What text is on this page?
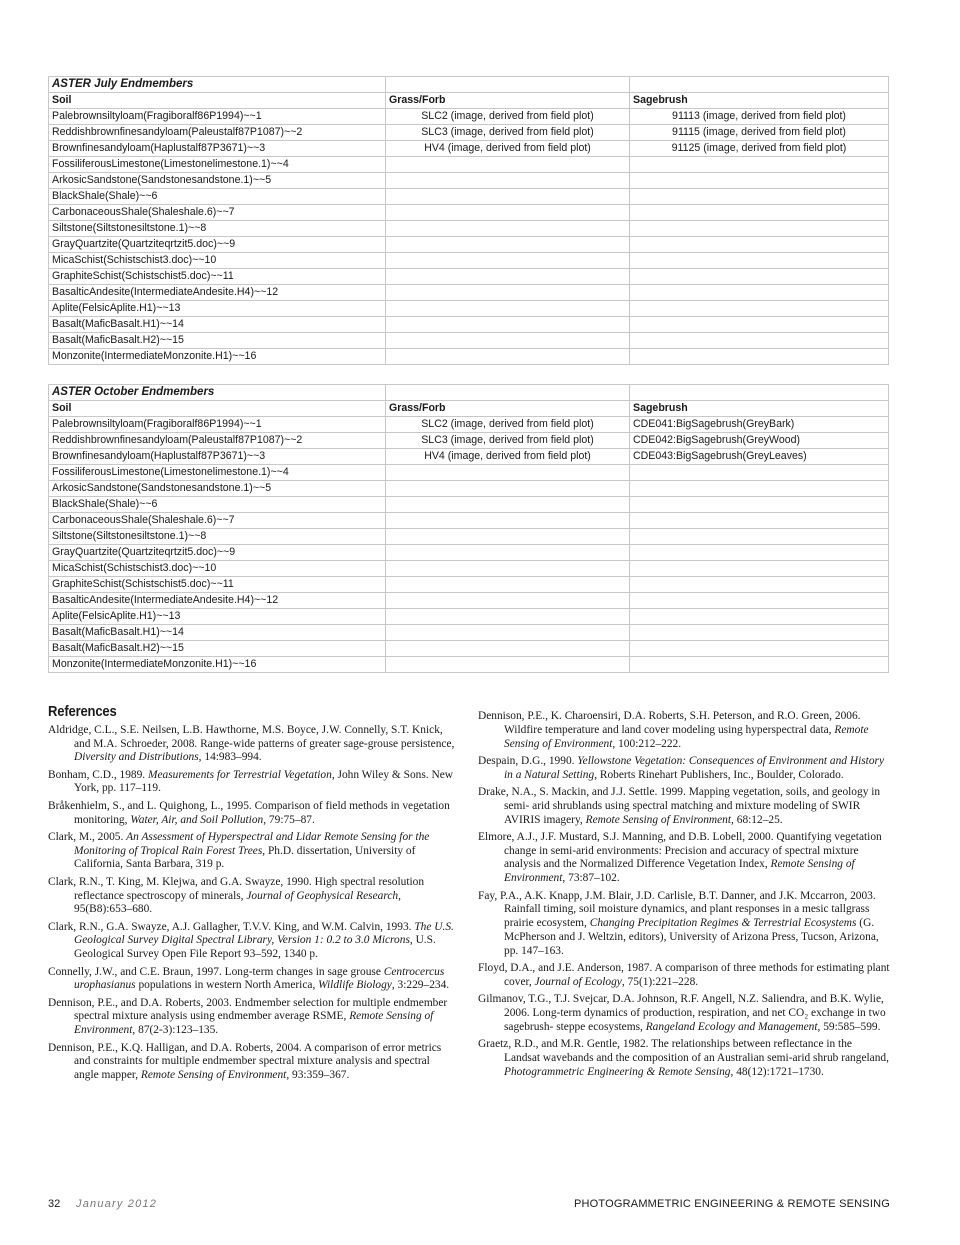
ASTER July Endmembers		
Soil	Grass/Forb	Sagebrush
Palebrownsiltyloam(Fragiboralf86P1994)~~1	SLC2 (image, derived from field plot)	91113 (image, derived from field plot)
Reddishbrownfinesandyloam(Paleustalf87P1087)~~2	SLC3 (image, derived from field plot)	91115 (image, derived from field plot)
Brownfinesandyloam(Haplustalf87P3671)~~3	HV4 (image, derived from field plot)	91125 (image, derived from field plot)
FossiliferousLimestone(Limestonelimestone.1)~~4		
ArkosicSandstone(Sandstonesandstone.1)~~5		
BlackShale(Shale)~~6		
CarbonaceousShale(Shaleshale.6)~~7		
Siltstone(Siltstonesiltstone.1)~~8		
GrayQuartzite(Quartziteqrtzit5.doc)~~9		
MicaSchist(Schistschist3.doc)~~10		
GraphiteSchist(Schistschist5.doc)~~11		
BasalticAndesite(IntermediateAndesite.H4)~~12		
Aplite(FelsicAplite.H1)~~13		
Basalt(MaficBasalt.H1)~~14		
Basalt(MaficBasalt.H2)~~15		
Monzonite(IntermediateMonzonite.H1)~~16		
ASTER October Endmembers		
Soil	Grass/Forb	Sagebrush
Palebrownsiltyloam(Fragiboralf86P1994)~~1	SLC2 (image, derived from field plot)	CDE041:BigSagebrush(GreyBark)
Reddishbrownfinesandyloam(Paleustalf87P1087)~~2	SLC3 (image, derived from field plot)	CDE042:BigSagebrush(GreyWood)
Brownfinesandyloam(Haplustalf87P3671)~~3	HV4 (image, derived from field plot)	CDE043:BigSagebrush(GreyLeaves)
FossiliferousLimestone(Limestonelimestone.1)~~4		
ArkosicSandstone(Sandstonesandstone.1)~~5		
BlackShale(Shale)~~6		
CarbonaceousShale(Shaleshale.6)~~7		
Siltstone(Siltstonesiltstone.1)~~8		
GrayQuartzite(Quartziteqrtzit5.doc)~~9		
MicaSchist(Schistschist3.doc)~~10		
GraphiteSchist(Schistschist5.doc)~~11		
BasalticAndesite(IntermediateAndesite.H4)~~12		
Aplite(FelsicAplite.H1)~~13		
Basalt(MaficBasalt.H1)~~14		
Basalt(MaficBasalt.H2)~~15		
Monzonite(IntermediateMonzonite.H1)~~16		
References
Aldridge, C.L., S.E. Neilsen, L.B. Hawthorne, M.S. Boyce, J.W. Connelly, S.T. Knick, and M.A. Schroeder, 2008. Range-wide patterns of greater sage-grouse persistence, Diversity and Distributions, 14:983–994.
Bonham, C.D., 1989. Measurements for Terrestrial Vegetation, John Wiley & Sons. New York, pp. 117–119.
Bråkenhielm, S., and L. Quighong, L., 1995. Comparison of field methods in vegetation monitoring, Water, Air, and Soil Pollution, 79:75–87.
Clark, M., 2005. An Assessment of Hyperspectral and Lidar Remote Sensing for the Monitoring of Tropical Rain Forest Trees, Ph.D. dissertation, University of California, Santa Barbara, 319 p.
Clark, R.N., T. King, M. Klejwa, and G.A. Swayze, 1990. High spectral resolution reflectance spectroscopy of minerals, Journal of Geophysical Research, 95(B8):653–680.
Clark, R.N., G.A. Swayze, A.J. Gallagher, T.V.V. King, and W.M. Calvin, 1993. The U.S. Geological Survey Digital Spectral Library, Version 1: 0.2 to 3.0 Microns, U.S. Geological Survey Open File Report 93–592, 1340 p.
Connelly, J.W., and C.E. Braun, 1997. Long-term changes in sage grouse Centrocercus urophasianus populations in western North America, Wildlife Biology, 3:229–234.
Dennison, P.E., and D.A. Roberts, 2003. Endmember selection for multiple endmember spectral mixture analysis using endmember average RSME, Remote Sensing of Environment, 87(2-3):123–135.
Dennison, P.E., K.Q. Halligan, and D.A. Roberts, 2004. A comparison of error metrics and constraints for multiple endmember spectral mixture analysis and spectral angle mapper, Remote Sensing of Environment, 93:359–367.
Dennison, P.E., K. Charoensiri, D.A. Roberts, S.H. Peterson, and R.O. Green, 2006. Wildfire temperature and land cover modeling using hyperspectral data, Remote Sensing of Environment, 100:212–222.
Despain, D.G., 1990. Yellowstone Vegetation: Consequences of Environment and History in a Natural Setting, Roberts Rinehart Publishers, Inc., Boulder, Colorado.
Drake, N.A., S. Mackin, and J.J. Settle. 1999. Mapping vegetation, soils, and geology in semi- arid shrublands using spectral matching and mixture modeling of SWIR AVIRIS imagery, Remote Sensing of Environment, 68:12–25.
Elmore, A.J., J.F. Mustard, S.J. Manning, and D.B. Lobell, 2000. Quantifying vegetation change in semi-arid environments: Precision and accuracy of spectral mixture analysis and the Normalized Difference Vegetation Index, Remote Sensing of Environment, 73:87–102.
Fay, P.A., A.K. Knapp, J.M. Blair, J.D. Carlisle, B.T. Danner, and J.K. Mccarron, 2003. Rainfall timing, soil moisture dynamics, and plant responses in a mesic tallgrass prairie ecosystem, Changing Precipitation Regimes & Terrestrial Ecosystems (G. McPherson and J. Weltzin, editors), University of Arizona Press, Tucson, Arizona, pp. 147–163.
Floyd, D.A., and J.E. Anderson, 1987. A comparison of three methods for estimating plant cover, Journal of Ecology, 75(1):221–228.
Gilmanov, T.G., T.J. Svejcar, D.A. Johnson, R.F. Angell, N.Z. Saliendra, and B.K. Wylie, 2006. Long-term dynamics of production, respiration, and net CO₂ exchange in two sagebrush- steppe ecosystems, Rangeland Ecology and Management, 59:585–599.
Graetz, R.D., and M.R. Gentle, 1982. The relationships between reflectance in the Landsat wavebands and the composition of an Australian semi-arid shrub rangeland, Photogrammetric Engineering & Remote Sensing, 48(12):1721–1730.
32 January 2012	PHOTOGRAMMETRIC ENGINEERING & REMOTE SENSING
